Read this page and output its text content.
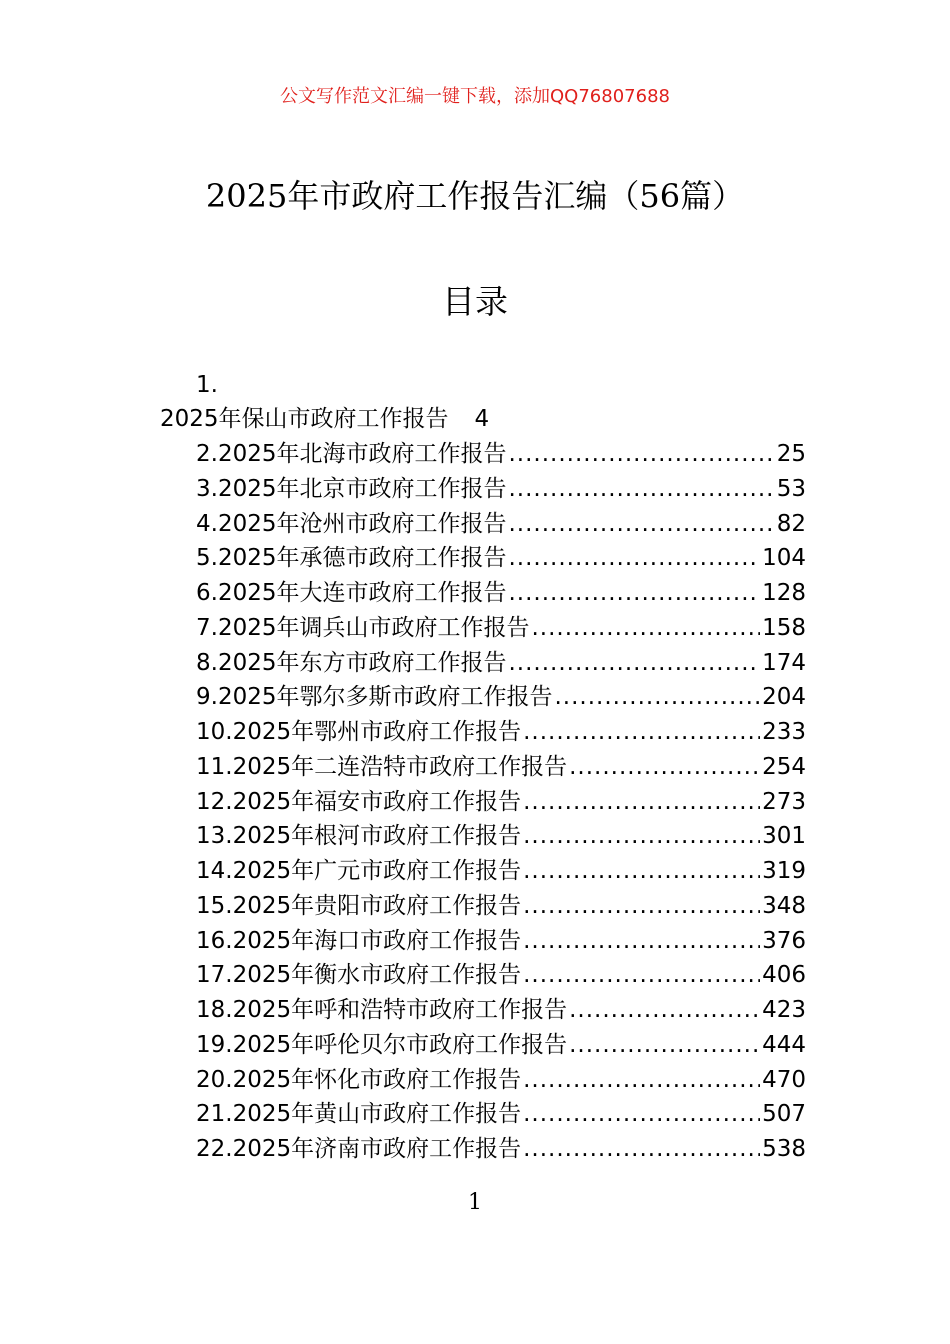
公文写作范文汇编一键下载，添加QQ76807688
2025年市政府工作报告汇编（56篇）
目录
1.
2025年保山市政府工作报告 4
2.2025年北海市政府工作报告 .....	25
3.2025年北京市政府工作报告 .....	53
4.2025年沧州市政府工作报告 .....	82
5.2025年承德市政府工作报告 .....	104
6.2025年大连市政府工作报告 .....	128
7.2025年调兵山市政府工作报告 .....	158
8.2025年东方市政府工作报告 .....	174
9.2025年鄂尔多斯市政府工作报告 .....	204
10.2025年鄂州市政府工作报告 .....	233
11.2025年二连浩特市政府工作报告 .....	254
12.2025年福安市政府工作报告 .....	273
13.2025年根河市政府工作报告 .....	301
14.2025年广元市政府工作报告 .....	319
15.2025年贵阳市政府工作报告 .....	348
16.2025年海口市政府工作报告 .....	376
17.2025年衡水市政府工作报告 .....	406
18.2025年呼和浩特市政府工作报告 .....	423
19.2025年呼伦贝尔市政府工作报告 .....	444
20.2025年怀化市政府工作报告 .....	470
21.2025年黄山市政府工作报告 .....	507
22.2025年济南市政府工作报告 .....	538
1
